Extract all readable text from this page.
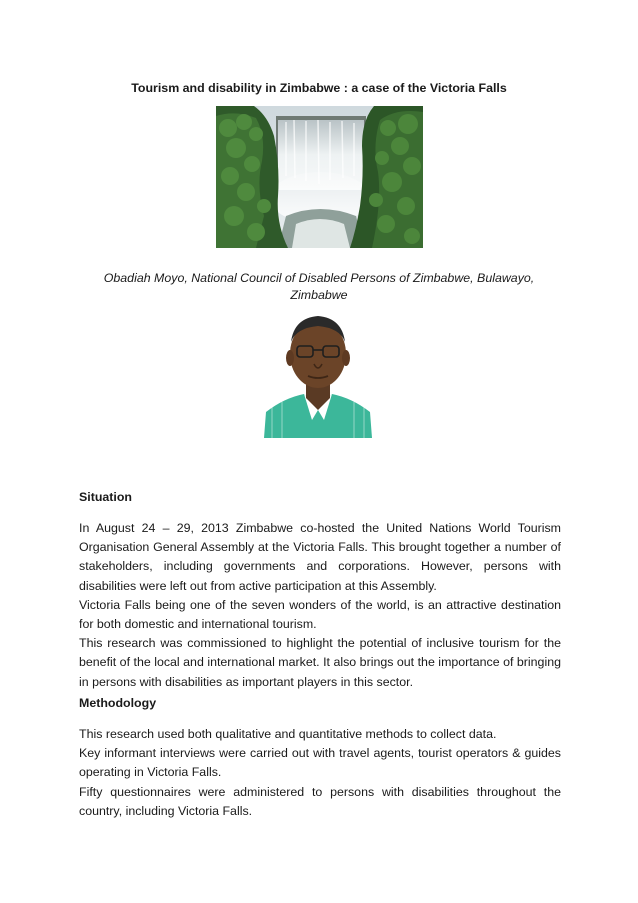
Tourism and disability in Zimbabwe : a case of the Victoria Falls
Obadiah Moyo, National Council of Disabled Persons of Zimbabwe, Bulawayo,
Zimbabwe
Situation

In August 24 – 29, 2013 Zimbabwe co-hosted the United Nations World Tourism Organisation General Assembly at the Victoria Falls. This brought together a number of stakeholders, including governments and corporations. However, persons with disabilities were left out from active participation at this Assembly.

Victoria Falls being one of the seven wonders of the world, is an attractive destination for both domestic and international tourism.

This research was commissioned to highlight the potential of inclusive tourism for the benefit of the local and international market. It also brings out the importance of bringing in persons with disabilities as important players in this sector.

Methodology

This research used both qualitative and quantitative methods to collect data.

Key informant interviews were carried out with travel agents, tourist operators & guides operating in Victoria Falls.

Fifty questionnaires were administered to persons with disabilities throughout the country, including Victoria Falls.
